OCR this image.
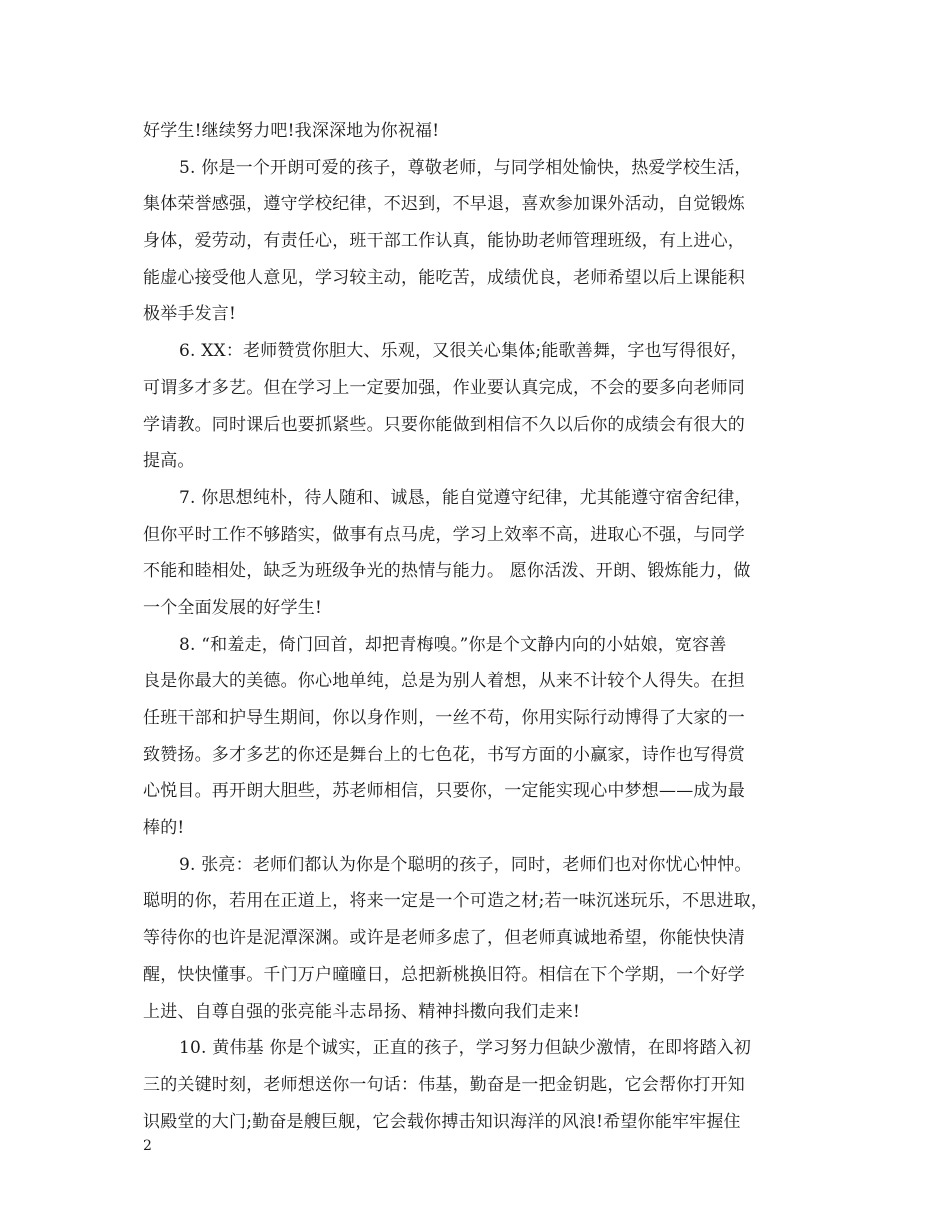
好学生!继续努力吧!我深深地为你祝福!
5. 你是一个开朗可爱的孩子，尊敬老师，与同学相处愉快，热爱学校生活，
集体荣誉感强，遵守学校纪律，不迟到，不早退，喜欢参加课外活动，自觉锻炼
身体，爱劳动，有责任心，班干部工作认真，能协助老师管理班级，有上进心，
能虚心接受他人意见，学习较主动，能吃苦，成绩优良，老师希望以后上课能积
极举手发言!
6. XX：老师赞赏你胆大、乐观，又很关心集体;能歌善舞，字也写得很好，
可谓多才多艺。但在学习上一定要加强，作业要认真完成，不会的要多向老师同
学请教。同时课后也要抓紧些。只要你能做到相信不久以后你的成绩会有很大的
提高。
7. 你思想纯朴，待人随和、诚恳，能自觉遵守纪律，尤其能遵守宿舍纪律，
但你平时工作不够踏实，做事有点马虎，学习上效率不高，进取心不强，与同学
不能和睦相处，缺乏为班级争光的热情与能力。 愿你活泼、开朗、锻炼能力，做
一个全面发展的好学生!
8. “和羞走，倚门回首，却把青梅嗅。”你是个文静内向的小姑娘，宽容善
良是你最大的美德。你心地单纯，总是为别人着想，从来不计较个人得失。在担
任班干部和护导生期间，你以身作则，一丝不苟，你用实际行动博得了大家的一
致赞扬。多才多艺的你还是舞台上的七色花，书写方面的小赢家，诗作也写得赏
心悦目。再开朗大胆些，苏老师相信，只要你，一定能实现心中梦想——成为最
棒的!
9. 张亮：老师们都认为你是个聪明的孩子，同时，老师们也对你忧心忡忡。
聪明的你，若用在正道上，将来一定是一个可造之材;若一味沉迷玩乐，不思进取，
等待你的也许是泥潭深渊。或许是老师多虑了，但老师真诚地希望，你能快快清
醒，快快懂事。千门万户曈曈日，总把新桃换旧符。相信在下个学期，一个好学
上进、自尊自强的张亮能斗志昂扬、精神抖擞向我们走来!
10. 黄伟基 你是个诚实，正直的孩子，学习努力但缺少激情，在即将踏入初
三的关键时刻，老师想送你一句话：伟基，勤奋是一把金钥匙，它会帮你打开知
识殿堂的大门;勤奋是艘巨舰，它会载你搏击知识海洋的风浪!希望你能牢牢握住
2
